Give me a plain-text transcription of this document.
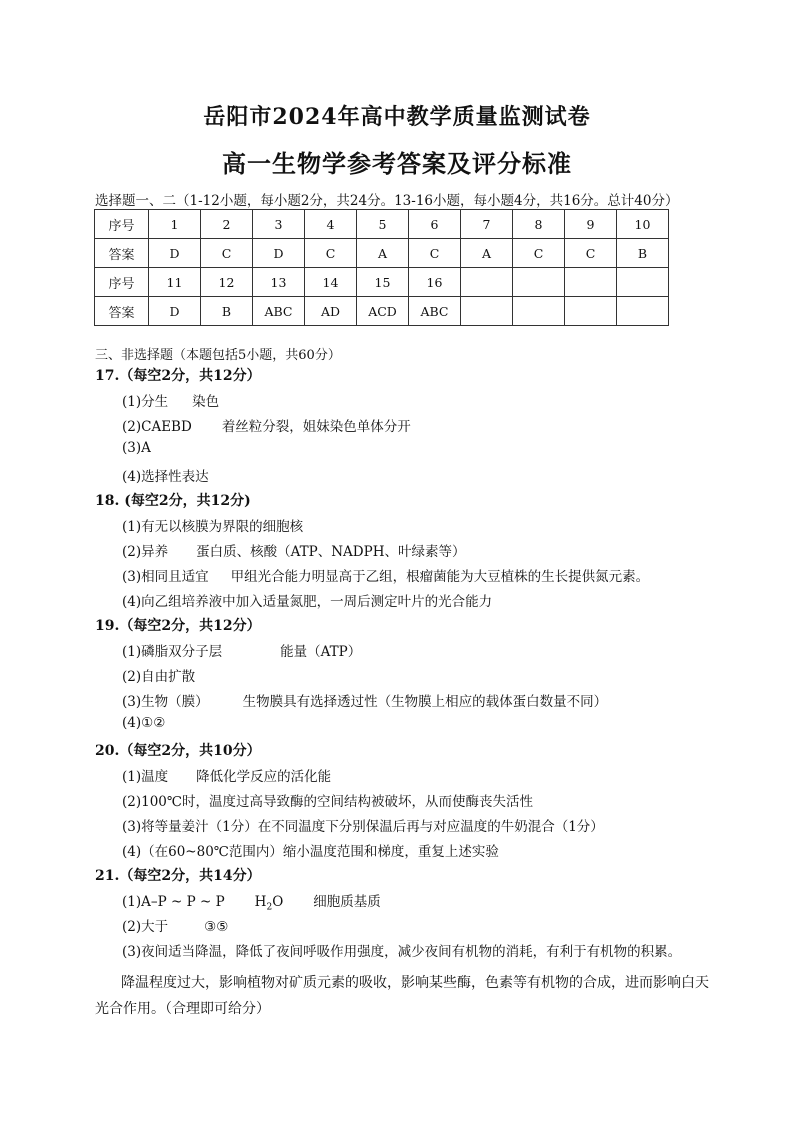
岳阳市2024年高中教学质量监测试卷
高一生物学参考答案及评分标准
选择题一、二（1-12小题，每小题2分，共24分。13-16小题，每小题4分，共16分。总计40分）
序号	1	2	3	4	5	6	7	8	9	10
答案	D	C	D	C	A	C	A	C	C	B
序号	11	12	13	14	15	16				
答案	D	B	ABC	AD	ACD	ABC				
三、非选择题（本题包括5小题，共60分）
17.（每空2分，共12分）
(1)分生 染色
(2)CAEBD 着丝粒分裂，姐妹染色单体分开
(3)A
(4)选择性表达
18. (每空2分，共12分)
(1)有无以核膜为界限的细胞核
(2)异养 蛋白质、核酸（ATP、NADPH、叶绿素等）
(3)相同且适宜 甲组光合能力明显高于乙组，根瘤菌能为大豆植株的生长提供氮元素。
(4)向乙组培养液中加入适量氮肥，一周后测定叶片的光合能力
19.（每空2分，共12分）
(1)磷脂双分子层	能量（ATP）
(2)自由扩散
(3)生物（膜）	生物膜具有选择透过性（生物膜上相应的载体蛋白数量不同）
(4)①②
20.（每空2分，共10分）
(1)温度 降低化学反应的活化能
(2)100℃时，温度过高导致酶的空间结构被破坏，从而使酶丧失活性
(3)将等量姜汁（1分）在不同温度下分别保温后再与对应温度的牛奶混合（1分）
(4)（在60~80℃范围内）缩小温度范围和梯度，重复上述实验
21.（每空2分，共14分）
(1)A–P ~ P ~ P $H_2O$ 细胞质基质
(2)大于	③⑤
(3)夜间适当降温，降低了夜间呼吸作用强度，减少夜间有机物的消耗，有利于有机物的积累。
降温程度过大，影响植物对矿质元素的吸收，影响某些酶，色素等有机物的合成，进而影响白天光合作用。（合理即可给分）
